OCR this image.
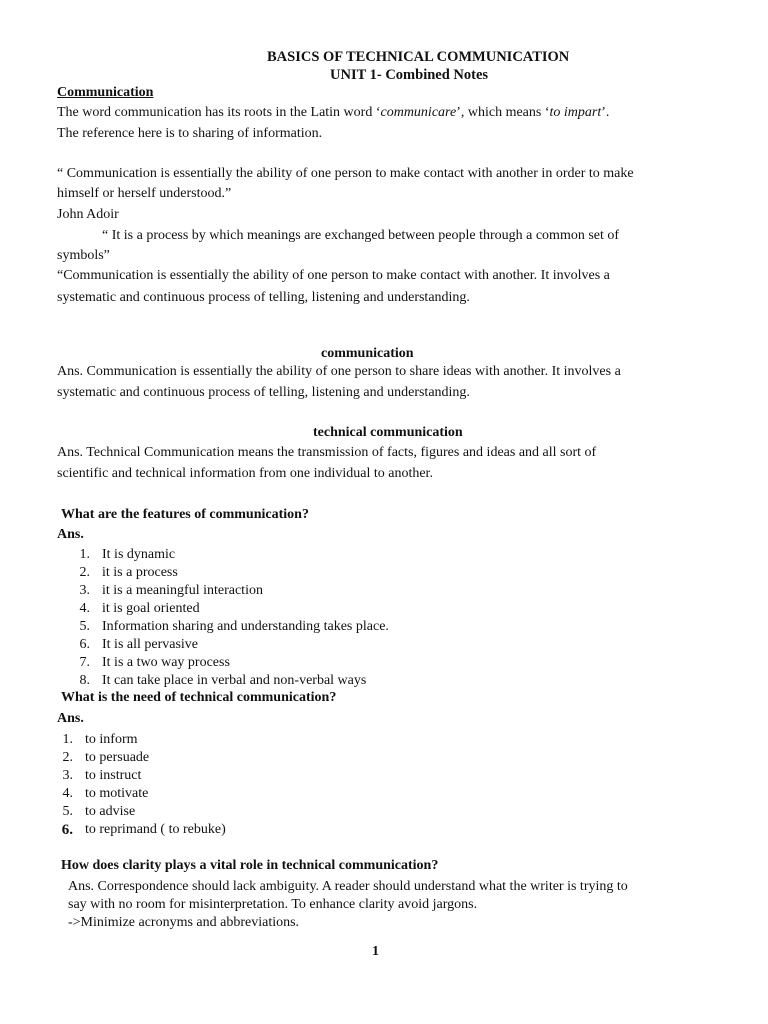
BASICS OF TECHNICAL COMMUNICATION
UNIT 1- Combined Notes
Communication
The word communication has its roots in the Latin word ‘communicare’, which means ‘to impart’.
The reference here is to sharing of information.
“ Communication is essentially the ability of one person to make contact with another in order to make
himself or herself understood.”
John Adoir
“ It is a process by which meanings are exchanged between people through a common set of
symbols”
“Communication is essentially the ability of one person to make contact with another. It involves a
systematic and continuous process of telling, listening and understanding.
communication
Ans. Communication is essentially the ability of one person to share ideas with another. It involves a
systematic and continuous process of telling, listening and understanding.
technical communication
Ans. Technical Communication means the transmission of facts, figures and ideas and all sort of
scientific and technical information from one individual to another.
What are the features of communication?
Ans.
1. It is dynamic
2. it is a process
3. it is a meaningful interaction
4. it is goal oriented
5. Information sharing and understanding takes place.
6. It is all pervasive
7. It is a two way process
8. It can take place in verbal and non-verbal ways
What is the need of technical communication?
Ans.
1. to inform
2. to persuade
3. to instruct
4. to motivate
5. to advise
6. to reprimand ( to rebuke)
How does clarity plays a vital role in technical communication?
Ans. Correspondence should lack ambiguity. A reader should understand what the writer is trying to
say with no room for misinterpretation. To enhance clarity avoid jargons.
->Minimize acronyms and abbreviations.
1
